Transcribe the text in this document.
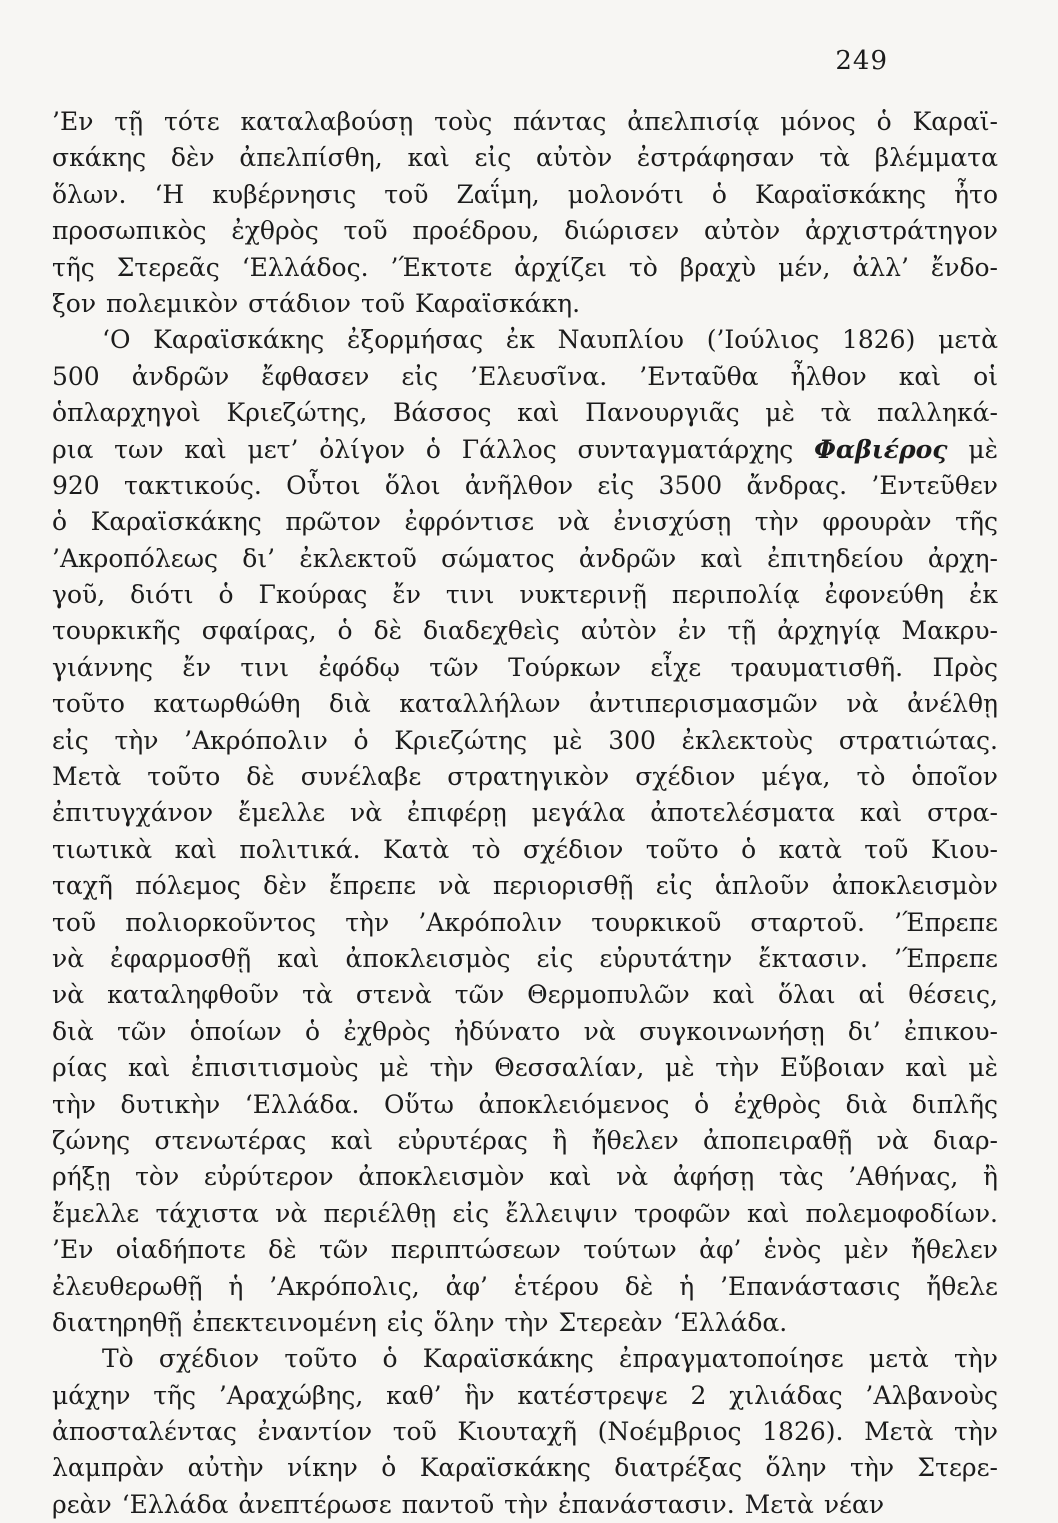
249
’Εν τῇ τότε καταλαβούσῃ τοὺς πάντας ἀπελπισίᾳ μόνος ὁ Καραϊ-
σκάκης δὲν ἀπελπίσθη, καὶ εἰς αὐτὸν ἐστράφησαν τὰ βλέμματα
ὅλων. ‘Η κυβέρνησις τοῦ Ζαΐμη, μολονότι ὁ Καραϊσκάκης ἦτο
προσωπικὸς ἐχθρὸς τοῦ προέδρου, διώρισεν αὐτὸν ἀρχιστράτηγον
τῆς Στερεᾶς ‘Ελλάδος. ’Έκτοτε ἀρχίζει τὸ βραχὺ μέν, ἀλλ’ ἔνδο-
ξον πολεμικὸν στάδιον τοῦ Καραϊσκάκη.
‘Ο Καραϊσκάκης ἐξορμήσας ἐκ Ναυπλίου (’Ιούλιος 1826) μετὰ
500 ἀνδρῶν ἔφθασεν εἰς ’Ελευσῖνα. ’Ενταῦθα ἦλθον καὶ οἱ
ὁπλαρχηγοὶ Κριεζώτης, Βάσσος καὶ Πανουργιᾶς μὲ τὰ παλληκά-
ρια των καὶ μετ’ ὀλίγον ὁ Γάλλος συνταγματάρχης Φαβιέρος μὲ
920 τακτικούς. Οὗτοι ὅλοι ἀνῆλθον εἰς 3500 ἄνδρας. ’Εντεῦθεν
ὁ Καραϊσκάκης πρῶτον ἐφρόντισε νὰ ἐνισχύσῃ τὴν φρουρὰν τῆς
’Ακροπόλεως δι’ ἐκλεκτοῦ σώματος ἀνδρῶν καὶ ἐπιτηδείου ἀρχη-
γοῦ, διότι ὁ Γκούρας ἔν τινι νυκτερινῇ περιπολίᾳ ἐφονεύθη ἐκ
τουρκικῆς σφαίρας, ὁ δὲ διαδεχθεὶς αὐτὸν ἐν τῇ ἀρχηγίᾳ Μακρυ-
γιάννης ἔν τινι ἐφόδῳ τῶν Τούρκων εἶχε τραυματισθῆ. Πρὸς
τοῦτο κατωρθώθη διὰ καταλλήλων ἀντιπερισμασμῶν νὰ ἀνέλθῃ
εἰς τὴν ’Ακρόπολιν ὁ Κριεζώτης μὲ 300 ἐκλεκτοὺς στρατιώτας.
Μετὰ τοῦτο δὲ συνέλαβε στρατηγικὸν σχέδιον μέγα, τὸ ὁποῖον
ἐπιτυγχάνον ἔμελλε νὰ ἐπιφέρῃ μεγάλα ἀποτελέσματα καὶ στρα-
τιωτικὰ καὶ πολιτικά. Κατὰ τὸ σχέδιον τοῦτο ὁ κατὰ τοῦ Κιου-
ταχῆ πόλεμος δὲν ἔπρεπε νὰ περιορισθῇ εἰς ἁπλοῦν ἀποκλεισμὸν
τοῦ πολιορκοῦντος τὴν ’Ακρόπολιν τουρκικοῦ σταρτοῦ. ’Έπρεπε
νὰ ἐφαρμοσθῇ καὶ ἀποκλεισμὸς εἰς εὐρυτάτην ἔκτασιν. ’Έπρεπε
νὰ καταληφθοῦν τὰ στενὰ τῶν Θερμοπυλῶν καὶ ὅλαι αἱ θέσεις,
διὰ τῶν ὁποίων ὁ ἐχθρὸς ἠδύνατο νὰ συγκοινωνήσῃ δι’ ἐπικου-
ρίας καὶ ἐπισιτισμοὺς μὲ τὴν Θεσσαλίαν, μὲ τὴν Εὔβοιαν καὶ μὲ
τὴν δυτικὴν ‘Ελλάδα. Οὕτω ἀποκλειόμενος ὁ ἐχθρὸς διὰ διπλῆς
ζώνης στενωτέρας καὶ εὐρυτέρας ἢ ἤθελεν ἀποπειραθῇ νὰ διαρ-
ρήξῃ τὸν εὐρύτερον ἀποκλεισμὸν καὶ νὰ ἀφήσῃ τὰς ’Αθήνας, ἢ
ἔμελλε τάχιστα νὰ περιέλθῃ εἰς ἔλλειψιν τροφῶν καὶ πολεμοφοδίων.
’Εν οἱαδήποτε δὲ τῶν περιπτώσεων τούτων ἀφ’ ἑνὸς μὲν ἤθελεν
ἐλευθερωθῇ ἡ ’Ακρόπολις, ἀφ’ ἑτέρου δὲ ἡ ’Επανάστασις ἤθελε
διατηρηθῇ ἐπεκτεινομένη εἰς ὅλην τὴν Στερεὰν ‘Ελλάδα.
Τὸ σχέδιον τοῦτο ὁ Καραϊσκάκης ἐπραγματοποίησε μετὰ τὴν
μάχην τῆς ’Αραχώβης, καθ’ ἣν κατέστρεψε 2 χιλιάδας ’Αλβανοὺς
ἀποσταλέντας ἐναντίον τοῦ Κιουταχῆ (Νοέμβριος 1826). Μετὰ τὴν
λαμπρὰν αὐτὴν νίκην ὁ Καραϊσκάκης διατρέξας ὅλην τὴν Στερε-
ρεὰν ‘Ελλάδα ἀνεπτέρωσε παντοῦ τὴν ἐπανάστασιν. Μετὰ νέαν
